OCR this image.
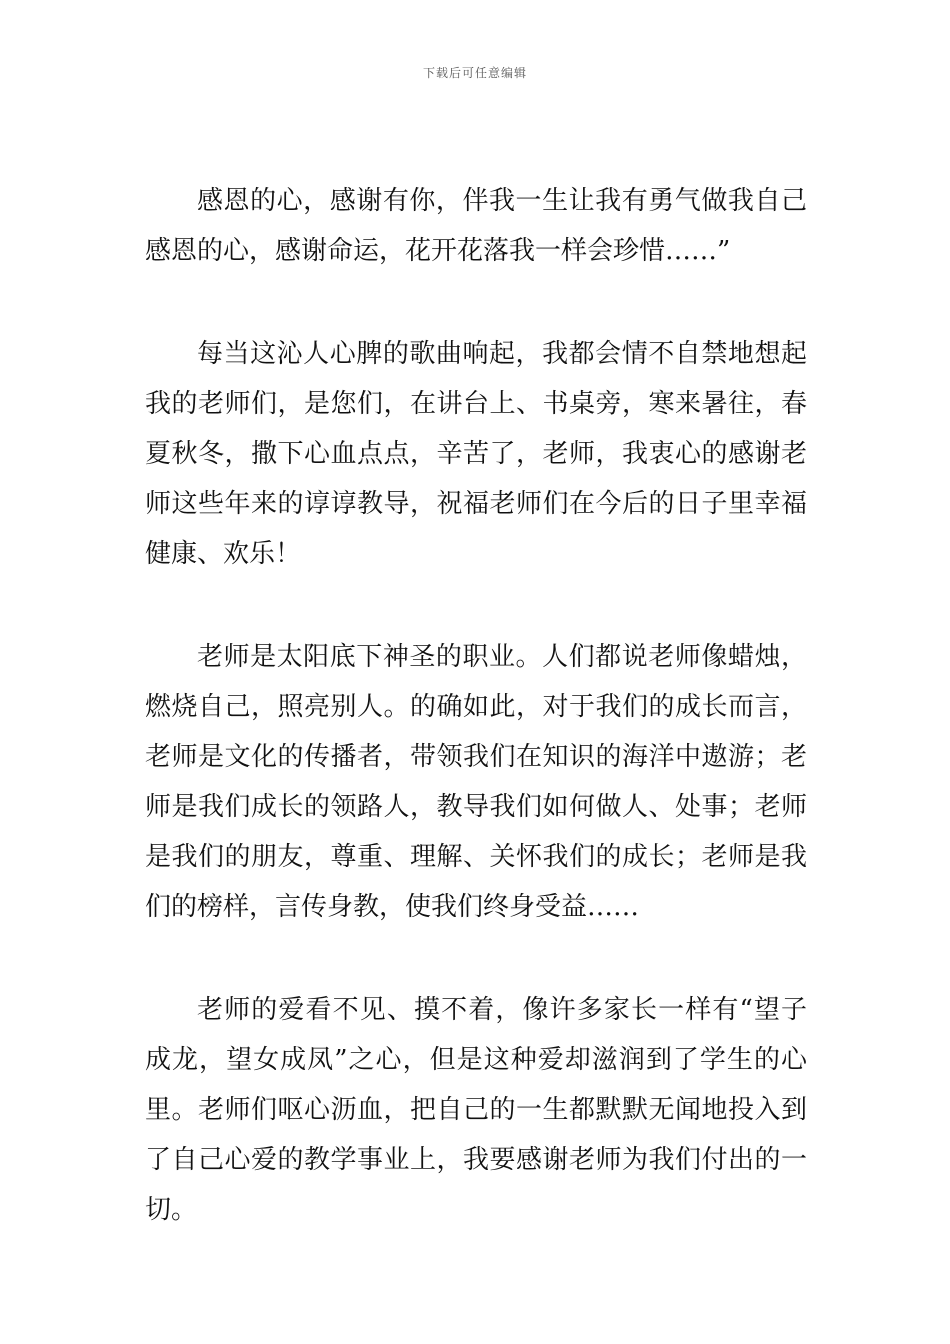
下载后可任意编辑

感恩的心，感谢有你，伴我一生让我有勇气做我自己感恩的心，感谢命运，花开花落我一样会珍惜……”

每当这沁人心脾的歌曲响起，我都会情不自禁地想起我的老师们，是您们，在讲台上、书桌旁，寒来暑往，春夏秋冬，撒下心血点点，辛苦了，老师，我衷心的感谢老师这些年来的谆谆教导，祝福老师们在今后的日子里幸福健康、欢乐！

老师是太阳底下神圣的职业。人们都说老师像蜡烛，燃烧自己，照亮别人。的确如此，对于我们的成长而言，老师是文化的传播者，带领我们在知识的海洋中遨游；老师是我们成长的领路人，教导我们如何做人、处事；老师是我们的朋友，尊重、理解、关怀我们的成长；老师是我们的榜样，言传身教，使我们终身受益……

老师的爱看不见、摸不着，像许多家长一样有“望子成龙，望女成凤”之心，但是这种爱却滋润到了学生的心里。老师们呕心沥血，把自己的一生都默默无闻地投入到了自己心爱的教学事业上，我要感谢老师为我们付出的一切。
